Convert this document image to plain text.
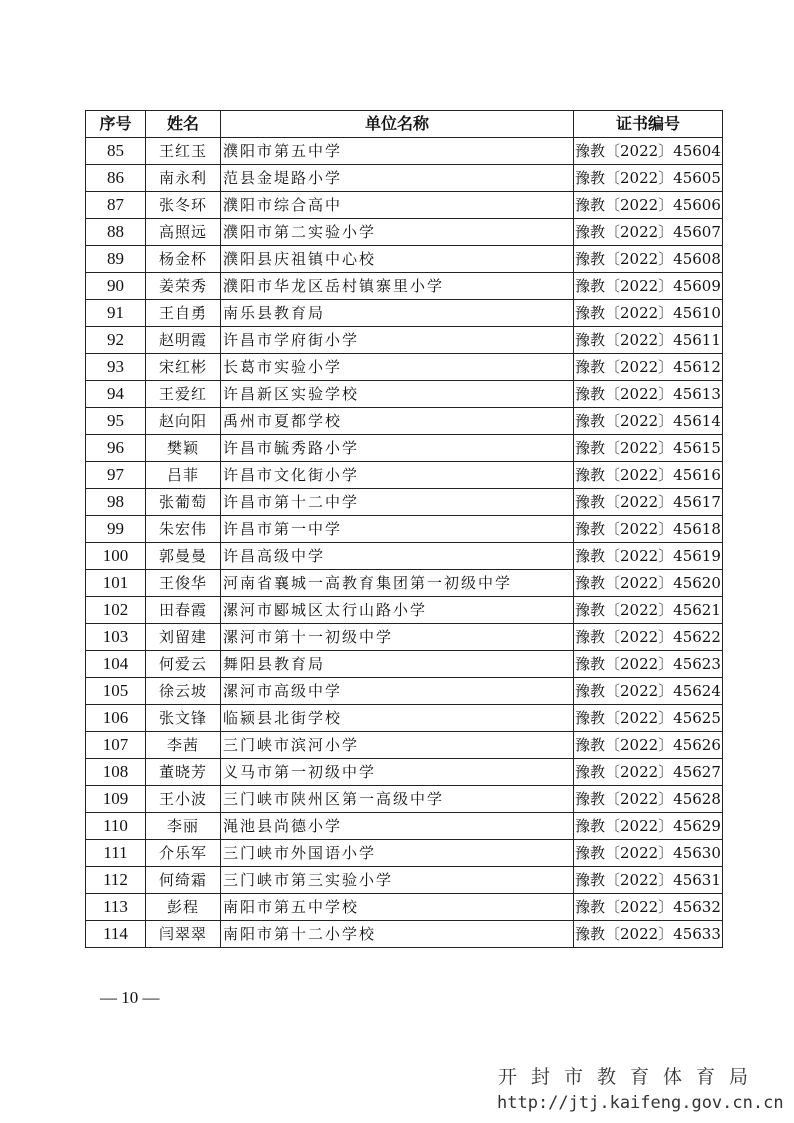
序号	姓名	单位名称	证书编号
85	王红玉	濮阳市第五中学	豫教〔2022〕45604
86	南永利	范县金堤路小学	豫教〔2022〕45605
87	张冬环	濮阳市综合高中	豫教〔2022〕45606
88	高照远	濮阳市第二实验小学	豫教〔2022〕45607
89	杨金杯	濮阳县庆祖镇中心校	豫教〔2022〕45608
90	姜荣秀	濮阳市华龙区岳村镇寨里小学	豫教〔2022〕45609
91	王自勇	南乐县教育局	豫教〔2022〕45610
92	赵明霞	许昌市学府街小学	豫教〔2022〕45611
93	宋红彬	长葛市实验小学	豫教〔2022〕45612
94	王爱红	许昌新区实验学校	豫教〔2022〕45613
95	赵向阳	禹州市夏都学校	豫教〔2022〕45614
96	樊颖	许昌市毓秀路小学	豫教〔2022〕45615
97	吕菲	许昌市文化街小学	豫教〔2022〕45616
98	张葡萄	许昌市第十二中学	豫教〔2022〕45617
99	朱宏伟	许昌市第一中学	豫教〔2022〕45618
100	郭曼曼	许昌高级中学	豫教〔2022〕45619
101	王俊华	河南省襄城一高教育集团第一初级中学	豫教〔2022〕45620
102	田春霞	漯河市郾城区太行山路小学	豫教〔2022〕45621
103	刘留建	漯河市第十一初级中学	豫教〔2022〕45622
104	何爱云	舞阳县教育局	豫教〔2022〕45623
105	徐云坡	漯河市高级中学	豫教〔2022〕45624
106	张文锋	临颍县北街学校	豫教〔2022〕45625
107	李茜	三门峡市滨河小学	豫教〔2022〕45626
108	董晓芳	义马市第一初级中学	豫教〔2022〕45627
109	王小波	三门峡市陕州区第一高级中学	豫教〔2022〕45628
110	李丽	渑池县尚德小学	豫教〔2022〕45629
111	介乐军	三门峡市外国语小学	豫教〔2022〕45630
112	何绮霜	三门峡市第三实验小学	豫教〔2022〕45631
113	彭程	南阳市第五中学校	豫教〔2022〕45632
114	闫翠翠	南阳市第十二小学校	豫教〔2022〕45633
— 10 —
开封市教育体育局
http://jtj.kaifeng.gov.cn.cn
